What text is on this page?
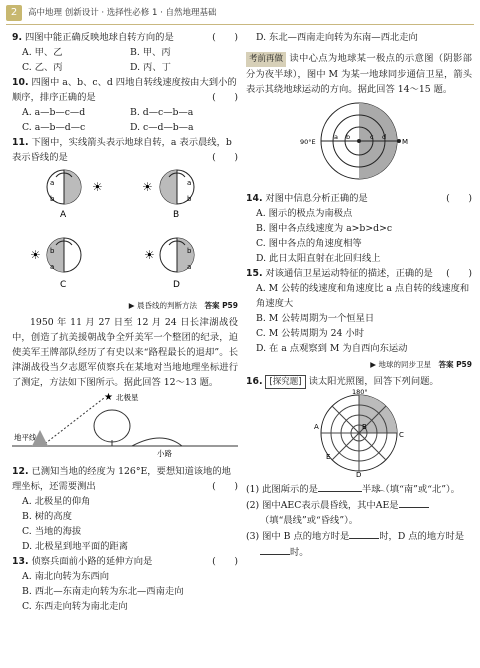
2	高中地理 创新设计 · 选择性必修 1 · 自然地理基础
9. 四图中能正确反映地球自转方向的是	(　　)
A. 甲、乙	B. 甲、丙
C. 乙、丙	D. 丙、丁
10. 四图中 a、b、c、d 四地自转线速度按由大到小的顺序，排序正确的是	(　　)
A. a—b—c—d	B. d—c—b—a
C. a—b—d—c	D. c—d—b—a
11. 下图中，实线箭头表示地球自转，a 表示晨线，b 表示昏线的是	(　　)
a
b
☀
A
a
b
☀
B
b
a
☀
C
b
a
☀
D
▶ 晨昏线的判断方法　 答案 P59
1950 年 11 月 27 日至 12 月 24 日长津湖战役中，创造了抗美援朝战争全歼美军一个整团的纪录，迫使美军王牌部队经历了有史以来“路程最长的退却”。长津湖战役当夕志愿军侦察兵在某地对当地地理坐标进行了测定，方法如下图所示。据此回答 12～13 题。
★ 北极星
地平线
小路
12. 已测知当地的经度为 126°E，要想知道该地的地理坐标，还需要测出	(　　)
A. 北极星的仰角
B. 树的高度
C. 当地的海拔
D. 北极星到地平面的距离
13. 侦察兵面前小路的延伸方向是	(　　)
A. 南北向转为东西向
B. 西北—东南走向转为东北—西南走向
C. 东西走向转为南北走向
D. 东北—西南走向转为东南—西北走向
考前再做 读中心点为地球某一极点的示意图（阴影部分为夜半球），图中 M 为某一地球同步通信卫星，箭头表示其绕地球运动的方向。据此回答 14～15 题。
90°E	M
a b	c d
14. 对图中信息分析正确的是	(　　)
A. 图示的极点为南极点
B. 图中各点线速度为 a>b>d>c
C. 图中各点的角速度相等
D. 此日太阳直射在北回归线上
15. 对该通信卫星运动特征的描述，正确的是 (　　)
A. M 公转的线速度和角速度比 a 点自转的线速度和角速度大
B. M 公转周期为一个恒星日
C. M 公转周期为 24 小时
D. 在 a 点观察到 M 为自西向东运动
▶ 地球的同步卫星　 答案 P59
16. [探究题] 读太阳光照图，回答下列问题。
180°
A	B
C
D
E
(1) 此图所示的是	半球（填“南”或“北”）。
(2) 图中⌒ AEC表示晨昏线，其中⌒ AE是
（填“晨线”或“昏线”）。
(3) 图中 B 点的地方时是	时，D 点的地方时是
时。
